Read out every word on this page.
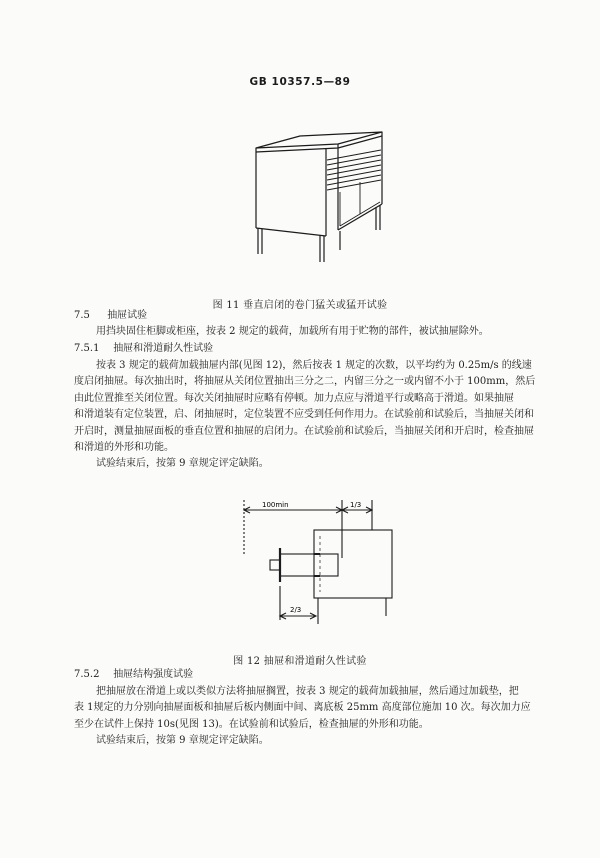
GB 10357.5—89
图 11 垂直启闭的卷门猛关或猛开试验
7.5 抽屉试验
用挡块固住柜脚或柜座，按表 2 规定的载荷，加载所有用于贮物的部件，被试抽屉除外。
7.5.1 抽屉和滑道耐久性试验
按表 3 规定的载荷加载抽屉内部(见图 12)，然后按表 1 规定的次数，以平均约为 0.25m/s 的线速
度启闭抽屉。每次抽出时，将抽屉从关闭位置抽出三分之二，内留三分之一或内留不小于 100mm，然后
由此位置推至关闭位置。每次关闭抽屉时应略有停顿。加力点应与滑道平行或略高于滑道。如果抽屉
和滑道装有定位装置，启、闭抽屉时，定位装置不应受到任何作用力。在试验前和试验后，当抽屉关闭和
开启时，测量抽屉面板的垂直位置和抽屉的启闭力。在试验前和试验后，当抽屉关闭和开启时，检查抽屉
和滑道的外形和功能。
试验结束后，按第 9 章规定评定缺陷。
100min	1/3
2/3
图 12 抽屉和滑道耐久性试验
7.5.2 抽屉结构强度试验
把抽屉放在滑道上或以类似方法将抽屉搁置，按表 3 规定的载荷加载抽屉，然后通过加载垫，把
表 1规定的力分别向抽屉面板和抽屉后板内侧面中间、离底板 25mm 高度部位施加 10 次。每次加力应
至少在试件上保持 10s(见图 13)。在试验前和试验后，检查抽屉的外形和功能。
试验结束后，按第 9 章规定评定缺陷。
